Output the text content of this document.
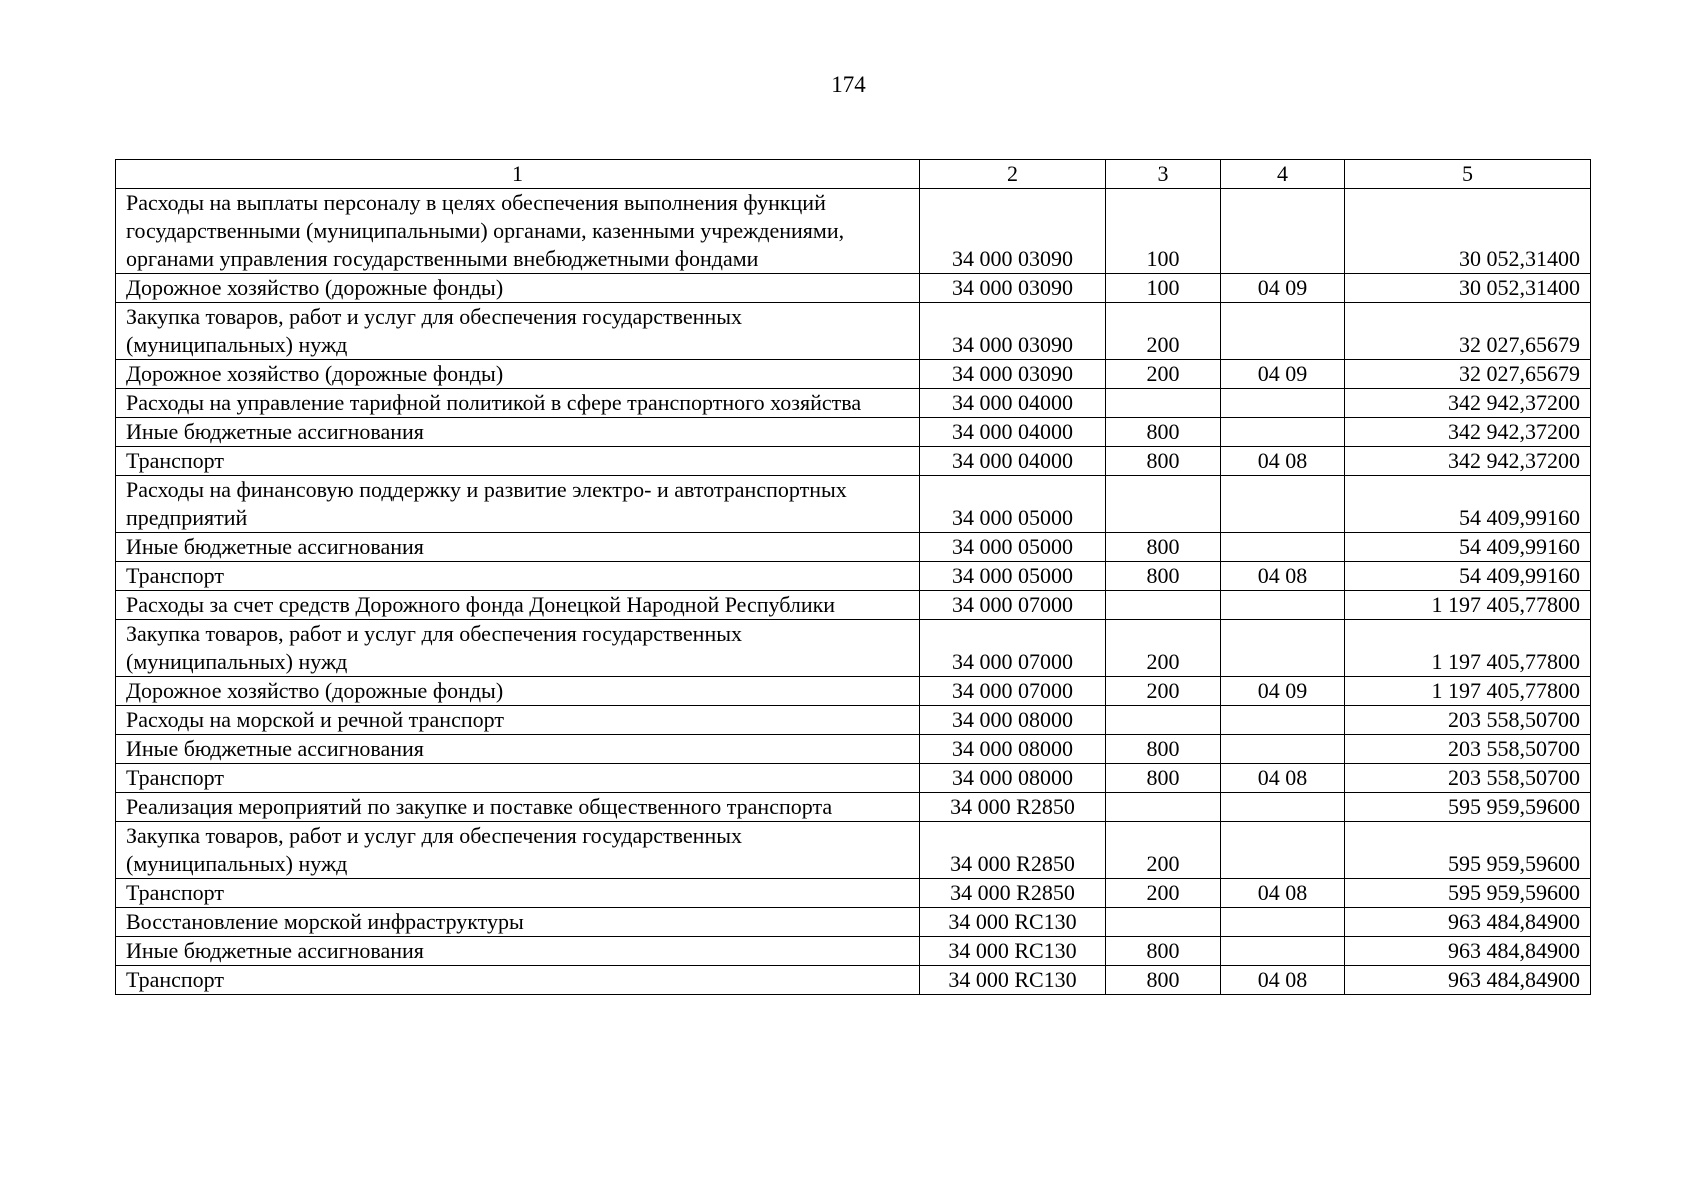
174
1	2	3	4	5
Расходы на выплаты персоналу в целях обеспечения выполнения функций государственными (муниципальными) органами, казенными учреждениями, органами управления государственными внебюджетными фондами	34 000 03090	100		30 052,31400
Дорожное хозяйство (дорожные фонды)	34 000 03090	100	04 09	30 052,31400
Закупка товаров, работ и услуг для обеспечения государственных (муниципальных) нужд	34 000 03090	200		32 027,65679
Дорожное хозяйство (дорожные фонды)	34 000 03090	200	04 09	32 027,65679
Расходы на управление тарифной политикой в сфере транспортного хозяйства	34 000 04000			342 942,37200
Иные бюджетные ассигнования	34 000 04000	800		342 942,37200
Транспорт	34 000 04000	800	04 08	342 942,37200
Расходы на финансовую поддержку и развитие электро- и автотранспортных предприятий	34 000 05000			54 409,99160
Иные бюджетные ассигнования	34 000 05000	800		54 409,99160
Транспорт	34 000 05000	800	04 08	54 409,99160
Расходы за счет средств Дорожного фонда Донецкой Народной Республики	34 000 07000			1 197 405,77800
Закупка товаров, работ и услуг для обеспечения государственных (муниципальных) нужд	34 000 07000	200		1 197 405,77800
Дорожное хозяйство (дорожные фонды)	34 000 07000	200	04 09	1 197 405,77800
Расходы на морской и речной транспорт	34 000 08000			203 558,50700
Иные бюджетные ассигнования	34 000 08000	800		203 558,50700
Транспорт	34 000 08000	800	04 08	203 558,50700
Реализация мероприятий по закупке и поставке общественного транспорта	34 000 R2850			595 959,59600
Закупка товаров, работ и услуг для обеспечения государственных (муниципальных) нужд	34 000 R2850	200		595 959,59600
Транспорт	34 000 R2850	200	04 08	595 959,59600
Восстановление морской инфраструктуры	34 000 RC130			963 484,84900
Иные бюджетные ассигнования	34 000 RC130	800		963 484,84900
Транспорт	34 000 RC130	800	04 08	963 484,84900
